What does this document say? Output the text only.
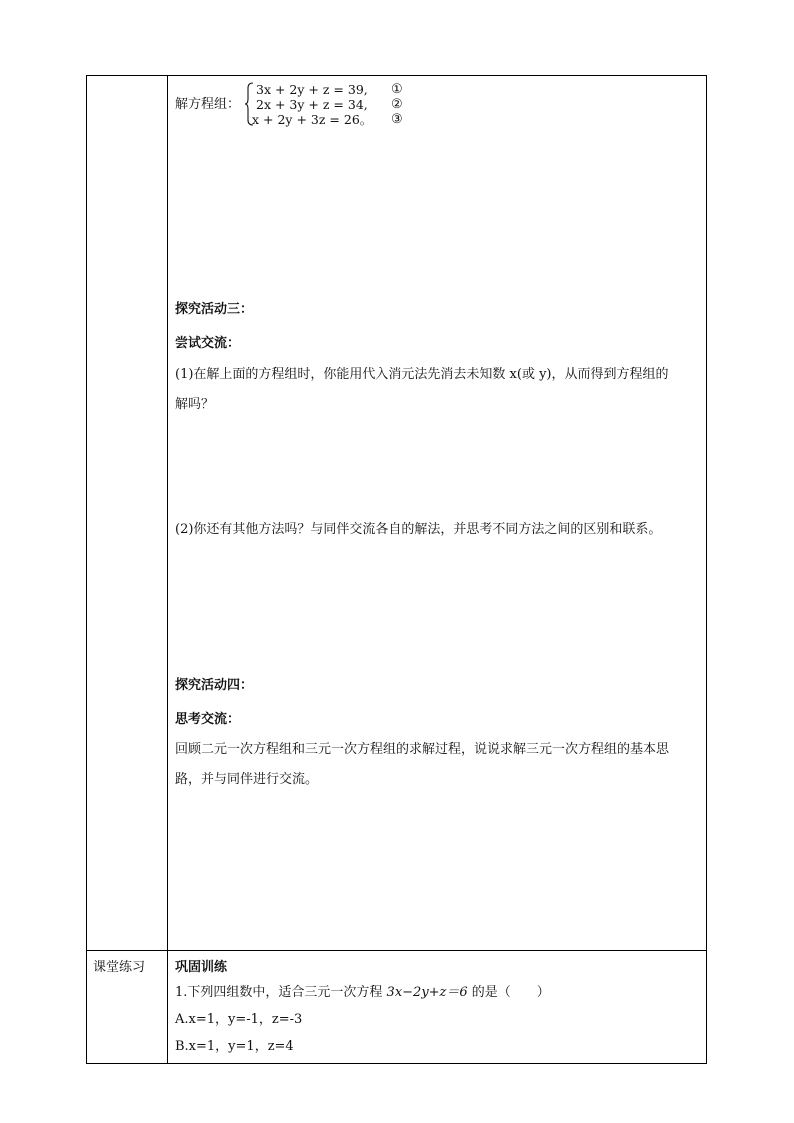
解方程组：
3x + 2y + z = 39,
2x + 3y + z = 34,
x + 2y + 3z = 26。
①
②
③
探究活动三：
尝试交流：
(1)在解上面的方程组时，你能用代入消元法先消去未知数 x(或 y)，从而得到方程组的
解吗？
(2)你还有其他方法吗？与同伴交流各自的解法，并思考不同方法之间的区别和联系。
探究活动四：
思考交流：
回顾二元一次方程组和三元一次方程组的求解过程，说说求解三元一次方程组的基本思
路，并与同伴进行交流。
课堂练习 巩固训练
1.下列四组数中，适合三元一次方程 3x−2y+z＝6 的是（　　）
A.x=1，y=-1，z=-3
B.x=1，y=1，z=4
